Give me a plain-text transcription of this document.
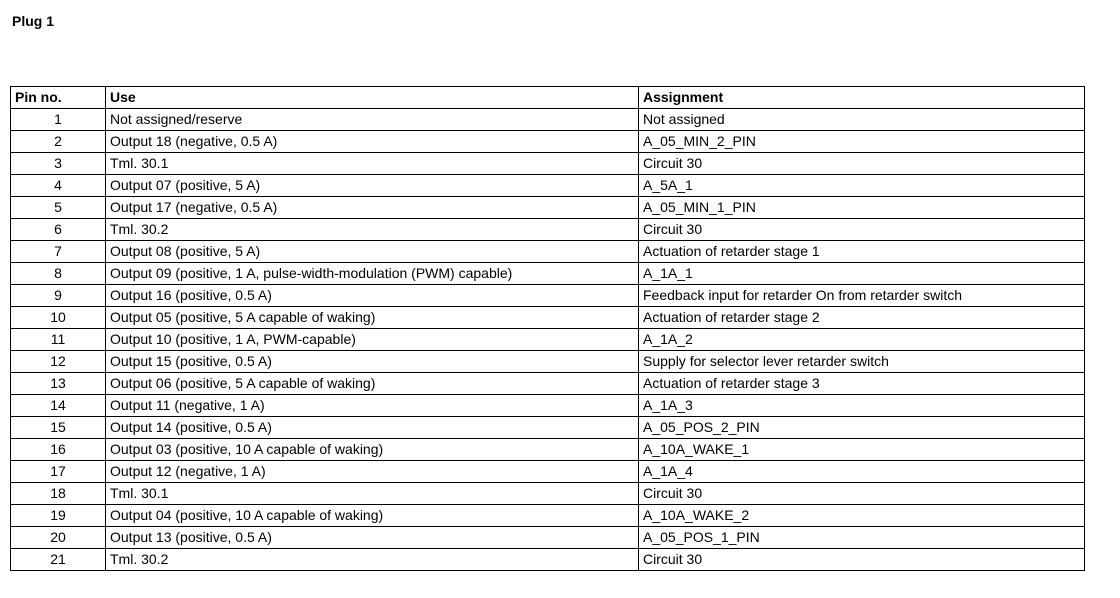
Plug 1
Pin no.	Use	Assignment
1	Not assigned/reserve	Not assigned
2	Output 18 (negative, 0.5 A)	A_05_MIN_2_PIN
3	Tml. 30.1	Circuit 30
4	Output 07 (positive, 5 A)	A_5A_1
5	Output 17 (negative, 0.5 A)	A_05_MIN_1_PIN
6	Tml. 30.2	Circuit 30
7	Output 08 (positive, 5 A)	Actuation of retarder stage 1
8	Output 09 (positive, 1 A, pulse-width-modulation (PWM) capable)	A_1A_1
9	Output 16 (positive, 0.5 A)	Feedback input for retarder On from retarder switch
10	Output 05 (positive, 5 A capable of waking)	Actuation of retarder stage 2
11	Output 10 (positive, 1 A, PWM-capable)	A_1A_2
12	Output 15 (positive, 0.5 A)	Supply for selector lever retarder switch
13	Output 06 (positive, 5 A capable of waking)	Actuation of retarder stage 3
14	Output 11 (negative, 1 A)	A_1A_3
15	Output 14 (positive, 0.5 A)	A_05_POS_2_PIN
16	Output 03 (positive, 10 A capable of waking)	A_10A_WAKE_1
17	Output 12 (negative, 1 A)	A_1A_4
18	Tml. 30.1	Circuit 30
19	Output 04 (positive, 10 A capable of waking)	A_10A_WAKE_2
20	Output 13 (positive, 0.5 A)	A_05_POS_1_PIN
21	Tml. 30.2	Circuit 30
